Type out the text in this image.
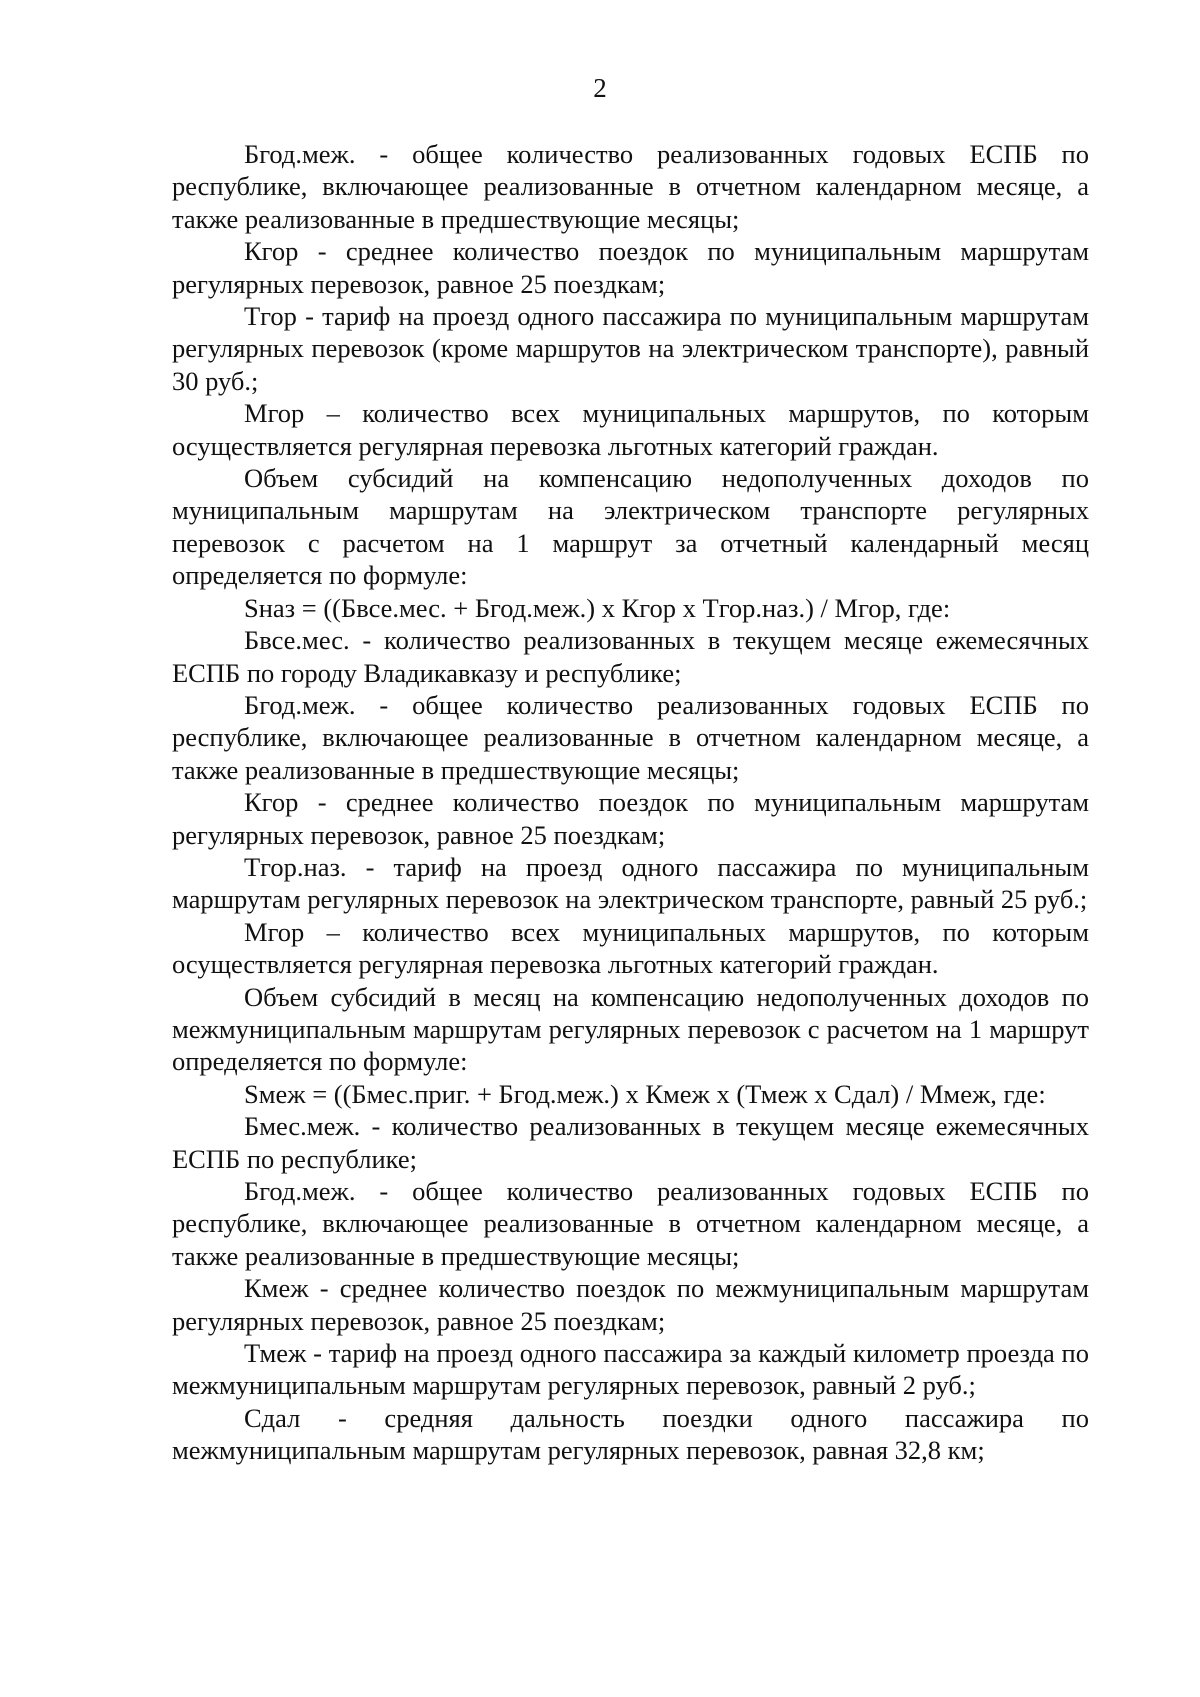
2

Бгод.меж. - общее количество реализованных годовых ЕСПБ по республике, включающее реализованные в отчетном календарном месяце, а также реализованные в предшествующие месяцы;

Кгор - среднее количество поездок по муниципальным маршрутам регулярных перевозок, равное 25 поездкам;

Тгор - тариф на проезд одного пассажира по муниципальным маршрутам регулярных перевозок (кроме маршрутов на электрическом транспорте), равный 30 руб.;

Мгор – количество всех муниципальных маршрутов, по которым осуществляется регулярная перевозка льготных категорий граждан.

Объем субсидий на компенсацию недополученных доходов по муниципальным маршрутам на электрическом транспорте регулярных перевозок с расчетом на 1 маршрут за отчетный календарный месяц определяется по формуле:

Sназ = ((Бвсе.мес. + Бгод.меж.) х Кгор х Тгор.наз.) / Мгор, где:

Бвсе.мес. - количество реализованных в текущем месяце ежемесячных ЕСПБ по городу Владикавказу и республике;

Бгод.меж. - общее количество реализованных годовых ЕСПБ по республике, включающее реализованные в отчетном календарном месяце, а также реализованные в предшествующие месяцы;

Кгор - среднее количество поездок по муниципальным маршрутам регулярных перевозок, равное 25 поездкам;

Тгор.наз. - тариф на проезд одного пассажира по муниципальным маршрутам регулярных перевозок на электрическом транспорте, равный 25 руб.;

Мгор – количество всех муниципальных маршрутов, по которым осуществляется регулярная перевозка льготных категорий граждан.

Объем субсидий в месяц на компенсацию недополученных доходов по межмуниципальным маршрутам регулярных перевозок с расчетом на 1 маршрут определяется по формуле:

Sмеж = ((Бмес.приг. + Бгод.меж.) х Кмеж х (Тмеж х Сдал) / Ммеж, где:

Бмес.меж. - количество реализованных в текущем месяце ежемесячных ЕСПБ по республике;

Бгод.меж. - общее количество реализованных годовых ЕСПБ по республике, включающее реализованные в отчетном календарном месяце, а также реализованные в предшествующие месяцы;

Кмеж - среднее количество поездок по межмуниципальным маршрутам регулярных перевозок, равное 25 поездкам;

Тмеж - тариф на проезд одного пассажира за каждый километр проезда по межмуниципальным маршрутам регулярных перевозок, равный 2 руб.;

Сдал - средняя дальность поездки одного пассажира по межмуниципальным маршрутам регулярных перевозок, равная 32,8 км;
